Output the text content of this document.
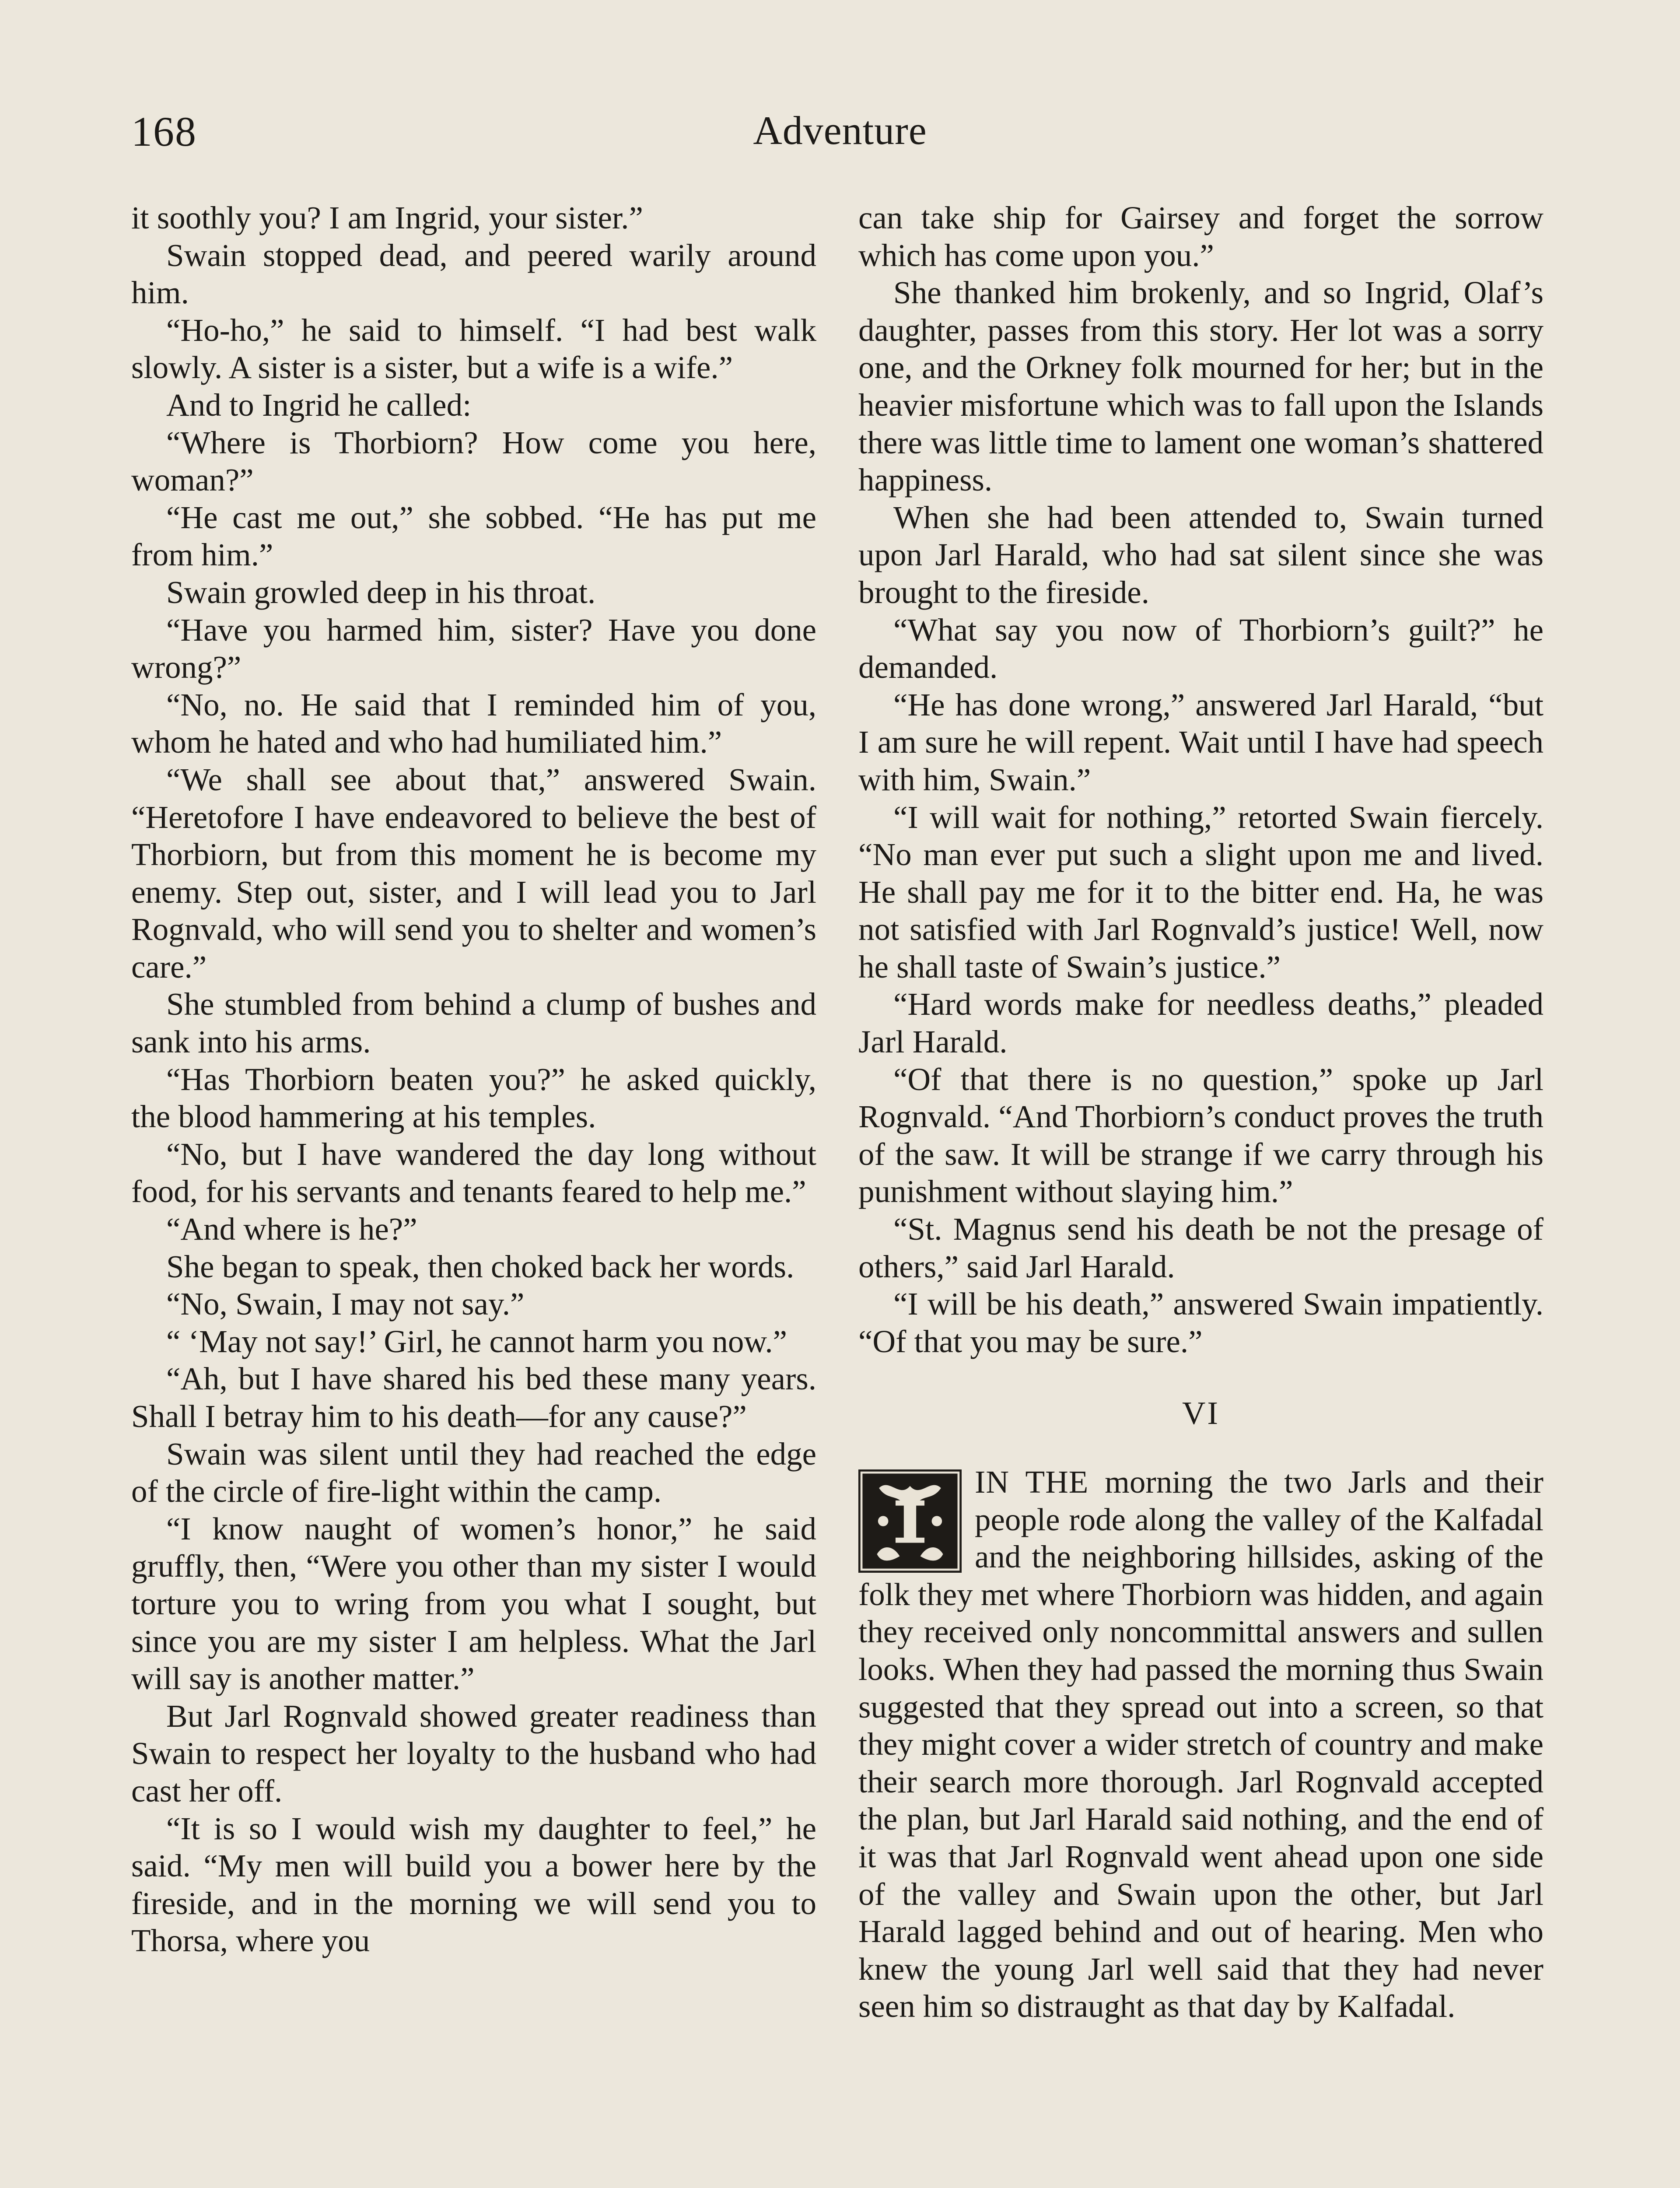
168	Adventure

it soothly you? I am Ingrid, your sister.”

Swain stopped dead, and peered warily around him.

“Ho-ho,” he said to himself. “I had best walk slowly. A sister is a sister, but a wife is a wife.”

And to Ingrid he called:

“Where is Thorbiorn? How come you here, woman?”

“He cast me out,” she sobbed. “He has put me from him.”

Swain growled deep in his throat.

“Have you harmed him, sister? Have you done wrong?”

“No, no. He said that I reminded him of you, whom he hated and who had humiliated him.”

“We shall see about that,” answered Swain. “Heretofore I have endeavored to believe the best of Thorbiorn, but from this moment he is become my enemy. Step out, sister, and I will lead you to Jarl Rognvald, who will send you to shelter and women’s care.”

She stumbled from behind a clump of bushes and sank into his arms.

“Has Thorbiorn beaten you?” he asked quickly, the blood hammering at his temples.

“No, but I have wandered the day long without food, for his servants and tenants feared to help me.”

“And where is he?”

She began to speak, then choked back her words.

“No, Swain, I may not say.”

“ ‘May not say!’ Girl, he cannot harm you now.”

“Ah, but I have shared his bed these many years. Shall I betray him to his death—for any cause?”

Swain was silent until they had reached the edge of the circle of fire-light within the camp.

“I know naught of women’s honor,” he said gruffly, then, “Were you other than my sister I would torture you to wring from you what I sought, but since you are my sister I am helpless. What the Jarl will say is another matter.”

But Jarl Rognvald showed greater readiness than Swain to respect her loyalty to the husband who had cast her off.

“It is so I would wish my daughter to feel,” he said. “My men will build you a bower here by the fireside, and in the morning we will send you to Thorsa, where you

can take ship for Gairsey and forget the sorrow which has come upon you.”

She thanked him brokenly, and so Ingrid, Olaf’s daughter, passes from this story. Her lot was a sorry one, and the Orkney folk mourned for her; but in the heavier misfortune which was to fall upon the Islands there was little time to lament one woman’s shattered happiness.

When she had been attended to, Swain turned upon Jarl Harald, who had sat silent since she was brought to the fireside.

“What say you now of Thorbiorn’s guilt?” he demanded.

“He has done wrong,” answered Jarl Harald, “but I am sure he will repent. Wait until I have had speech with him, Swain.”

“I will wait for nothing,” retorted Swain fiercely. “No man ever put such a slight upon me and lived. He shall pay me for it to the bitter end. Ha, he was not satisfied with Jarl Rognvald’s justice! Well, now he shall taste of Swain’s justice.”

“Hard words make for needless deaths,” pleaded Jarl Harald.

“Of that there is no question,” spoke up Jarl Rognvald. “And Thorbiorn’s conduct proves the truth of the saw. It will be strange if we carry through his punishment without slaying him.”

“St. Magnus send his death be not the presage of others,” said Jarl Harald.

“I will be his death,” answered Swain impatiently. “Of that you may be sure.”

VI

IN THE morning the two Jarls and their people rode along the valley of the Kalfadal and the neighboring hillsides, asking of the folk they met where Thorbiorn was hidden, and again they received only noncommittal answers and sullen looks. When they had passed the morning thus Swain suggested that they spread out into a screen, so that they might cover a wider stretch of country and make their search more thorough. Jarl Rognvald accepted the plan, but Jarl Harald said nothing, and the end of it was that Jarl Rognvald went ahead upon one side of the valley and Swain upon the other, but Jarl Harald lagged behind and out of hearing. Men who knew the young Jarl well said that they had never seen him so distraught as that day by Kalfadal.
